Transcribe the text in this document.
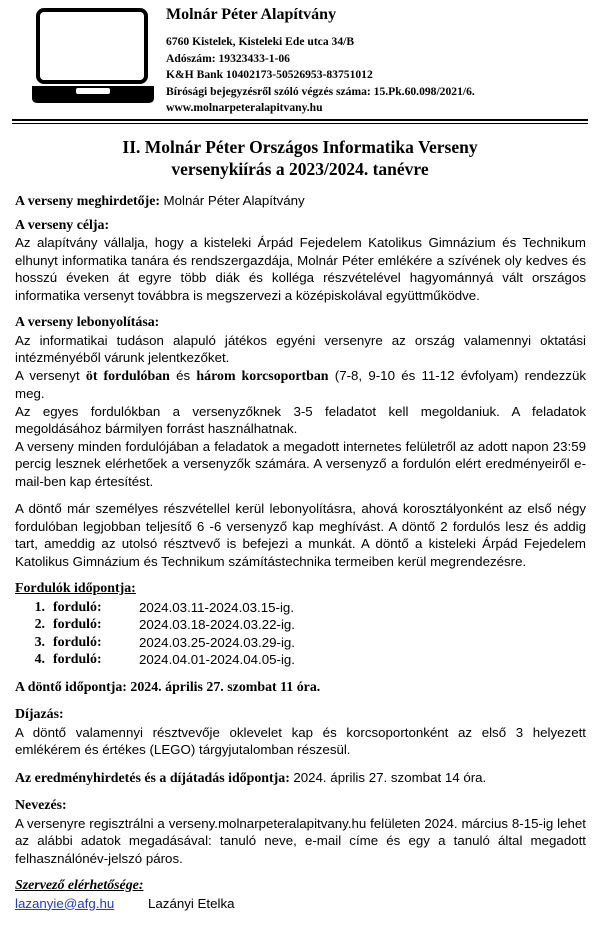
Molnár Péter Alapítvány
6760 Kistelek, Kisteleki Ede utca 34/B
Adószám: 19323433-1-06
K&H Bank 10402173-50526953-83751012
Bírósági bejegyzésről szóló végzés száma: 15.Pk.60.098/2021/6.
www.molnarpeteralapitvany.hu
II. Molnár Péter Országos Informatika Verseny
versenykiírás a 2023/2024. tanévre

A verseny meghirdetője: Molnár Péter Alapítvány

A verseny célja:

Az alapítvány vállalja, hogy a kisteleki Árpád Fejedelem Katolikus Gimnázium és Technikum elhunyt informatika tanára és rendszergazdája, Molnár Péter emlékére a szívének oly kedves és hosszú éveken át egyre több diák és kolléga részvételével hagyománnyá vált országos informatika versenyt továbbra is megszervezi a középiskolával együttműködve.

A verseny lebonyolítása:

Az informatikai tudáson alapuló játékos egyéni versenyre az ország valamennyi oktatási intézményéből várunk jelentkezőket.

A versenyt öt fordulóban és három korcsoportban (7-8, 9-10 és 11-12 évfolyam) rendezzük meg.

Az egyes fordulókban a versenyzőknek 3-5 feladatot kell megoldaniuk. A feladatok megoldásához bármilyen forrást használhatnak.

A verseny minden fordulójában a feladatok a megadott internetes felületről az adott napon 23:59 percig lesznek elérhetőek a versenyzők számára. A versenyző a fordulón elért eredményeiről e-mail-ben kap értesítést.

A döntő már személyes részvétellel kerül lebonyolításra, ahová korosztályonként az első négy fordulóban legjobban teljesítő 6 -6 versenyző kap meghívást. A döntő 2 fordulós lesz és addig tart, ameddig az utolsó résztvevő is befejezi a munkát. A döntő a kisteleki Árpád Fejedelem Katolikus Gimnázium és Technikum számítástechnika termeiben kerül megrendezésre.

Fordulók időpontja:

1. forduló:	2024.03.11-2024.03.15-ig.
2. forduló:	2024.03.18-2024.03.22-ig.
3. forduló:	2024.03.25-2024.03.29-ig.
4. forduló:	2024.04.01-2024.04.05-ig.

A döntő időpontja: 2024. április 27. szombat 11 óra.

Díjazás:

A döntő valamennyi résztvevője oklevelet kap és korcsoportonként az első 3 helyezett emlékérem és értékes (LEGO) tárgyjutalomban részesül.

Az eredményhirdetés és a díjátadás időpontja: 2024. április 27. szombat 14 óra.

Nevezés:

A versenyre regisztrálni a verseny.molnarpeteralapitvany.hu felületen 2024. március 8-15-ig lehet az alábbi adatok megadásával: tanuló neve, e-mail címe és egy a tanuló által megadott felhasználónév-jelszó páros.

Szervező elérhetősége:

lazanyie@afg.hu	Lazányi Etelka
